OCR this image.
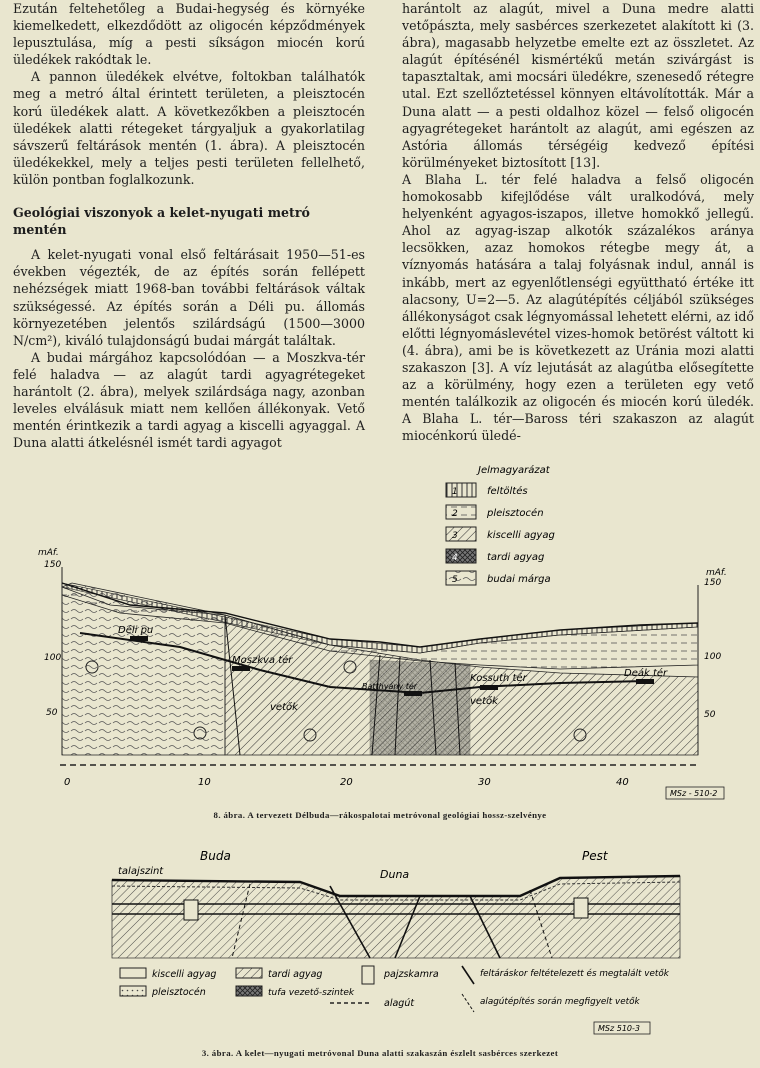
Ezután feltehetőleg a Budai-hegység és környéke kiemelkedett, elkezdődött az oligocén képződmények lepusztulása, míg a pesti síkságon miocén korú üledékek rakódtak le.

A pannon üledékek elvétve, foltokban találhatók meg a metró által érintett területen, a pleisztocén korú üledékek alatt. A következőkben a pleisztocén üledékek alatti rétegeket tárgyaljuk a gyakorlatilag sávszerű feltárások mentén (1. ábra). A pleisztocén üledékekkel, mely a teljes pesti területen fellelhető, külön pontban foglalkozunk.

Geológiai viszonyok a kelet-nyugati metró mentén

A kelet-nyugati vonal első feltárásait 1950—51-es években végezték, de az építés során fellépett nehézségek miatt 1968-ban további feltárások váltak szükségessé. Az építés során a Déli pu. állomás környezetében jelentős szilárdságú (1500—3000 N/cm²), kiváló tulajdonságú budai márgát találtak.

A budai márgához kapcsolódóan — a Moszkva-tér felé haladva — az alagút tardi agyagrétegeket harántolt (2. ábra), melyek szilárdsága nagy, azonban leveles elválásuk miatt nem kellően állékonyak. Vető mentén érintkezik a tardi agyag a kiscelli agyaggal. A Duna alatti átkelésnél ismét tardi agyagot

harántolt az alagút, mivel a Duna medre alatti vetőpászta, mely sasbérces szerkezetet alakított ki (3. ábra), magasabb helyzetbe emelte ezt az összletet. Az alagút építésénél kismértékű metán szivárgást is tapasztaltak, ami mocsári üledékre, szenesedő rétegre utal. Ezt szellőztetéssel könnyen eltávolították. Már a Duna alatt — a pesti oldalhoz közel — felső oligocén agyagrétegeket harántolt az alagút, ami egészen az Astória állomás térségéig kedvező építési körülményeket biztosított [13].

A Blaha L. tér felé haladva a felső oligocén homokosabb kifejlődése vált uralkodóvá, mely helyenként agyagos-iszapos, illetve homokkő jellegű. Ahol az agyag-iszap alkotók százalékos aránya lecsökken, azaz homokos rétegbe megy át, a víznyomás hatására a talaj folyásnak indul, annál is inkább, mert az egyenlőtlenségi együttható értéke itt alacsony, U=2—5. Az alagútépítés céljából szükséges állékonyságot csak légnyomással lehetett elérni, az idő előtti légnyomáslevétel vizes-homok betörést váltott ki (4. ábra), ami be is következett az Uránia mozi alatti szakaszon [3]. A víz lejutását az alagútba elősegítette az a körülmény, hogy ezen a területen egy vető mentén találkozik az oligocén és miocén korú üledék. A Blaha L. tér—Baross téri szakaszon az alagút miocénkorú üledé-

Jelmagyarázat
1	feltöltés
2	pleisztocén
3	kiscelli agyag
4	tardi agyag
5	budai márga
mAf.
150
100
50
mAf.
150
100
50
Déli pu
Moszkva tér
Batthyány tér
Kossuth tér	Deák tér
vetők
vetők
0	10	20	30	40
MSz - 510-2
8. ábra. A tervezett Délbuda—rákospalotai metróvonal geológiai hossz-szelvénye
Buda	Pest
Duna
talajszint
kiscelli agyag
pleisztocén
tardi agyag
tufa vezető-szintek
pajzskamra
alagút
feltáráskor feltételezett és megtalált vetők
alagútépítés során megfigyelt vetők
MSz 510-3
3. ábra. A kelet—nyugati metróvonal Duna alatti szakaszán észlelt sasbérces szerkezet
